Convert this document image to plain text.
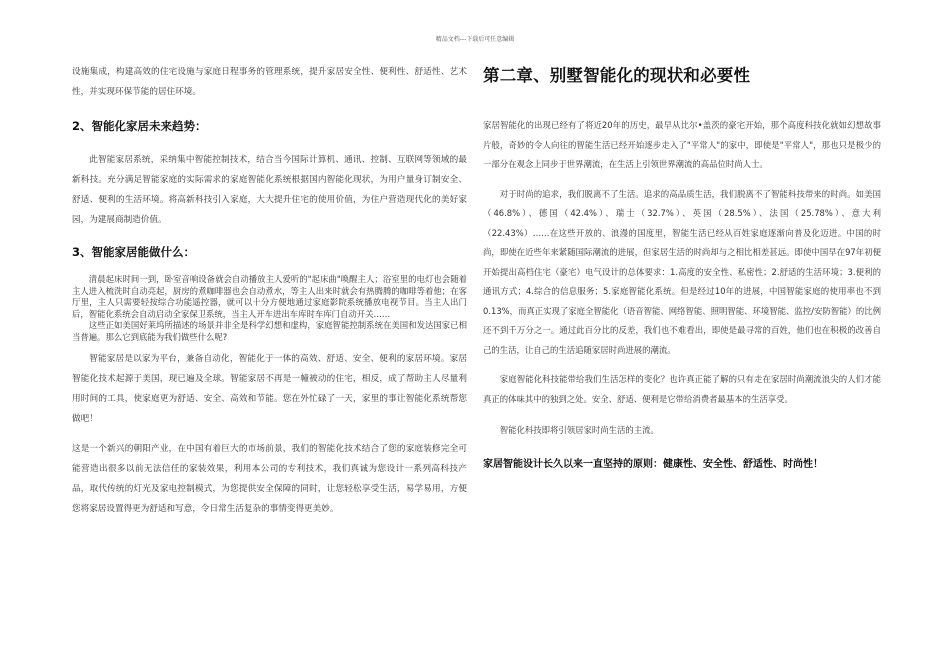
精品文档---下载后可任意编辑

设施集成，构建高效的住宅设施与家庭日程事务的管理系统，提升家居安全性、便利性、舒适性、艺术性，并实现环保节能的居住环境。

2、智能化家居未来趋势：

此智能家居系统，采纳集中智能控制技术，结合当今国际计算机、通讯、控制、互联网等领域的最新科技。充分满足智能家庭的实际需求的家庭智能化系统根据国内智能化现状，为用户量身订制安全、舒适、便利的生活环境。将高新科技引入家庭，大大提升住宅的使用价值，为住户营造现代化的美好家园，为建展商制造价值。

3、智能家居能做什么：

清晨起床时间一到，卧室音响设备就会自动播放主人爱听的"起床曲"唤醒主人；浴室里的电灯也会随着主人进入梳洗时自动亮起，厨房的煮咖啡器也会自动煮水，等主人出来时就会有热腾腾的咖啡等着他；在客厅里，主人只需要轻按综合功能遥控器，就可以十分方便地通过家庭影院系统播放电视节目。当主人出门后，智能化系统会自动启动全家保卫系统，当主人开车进出车库时车库门自动开关……

这些正如美国好莱坞所描述的场景并非全是科学幻想和虚构，家庭智能控制系统在美国和发达国家已相当普遍。那么它到底能为我们做些什么呢?

智能家居是以家为平台，兼备自动化，智能化于一体的高效、舒适、安全、便利的家居环境。家居智能化技术起源于美国，现已遍及全球。智能家居不再是一幢被动的住宅，相反，成了帮助主人尽量利用时间的工具，使家庭更为舒适、安全、高效和节能。您在外忙碌了一天，家里的事让智能化系统帮您做吧！

这是一个新兴的朝阳产业，在中国有着巨大的市场前景，我们的智能化技术结合了您的家庭装修完全可能营造出很多以前无法信任的家装效果，利用本公司的专利技术，我们真诚为您设计一系列高科技产品，取代传统的灯光及家电控制模式，为您提供安全保障的同时，让您轻松享受生活，易学易用，方便您将家居设置得更为舒适和写意，令日常生活复杂的事情变得更美妙。

第二章、别墅智能化的现状和必要性

家居智能化的出现已经有了将近20年的历史，最早从比尔•盖茨的豪宅开始，那个高度科技化就如幻想故事片般，奇妙的令人向往的智能生活已经开始逐步走入了"平常人"的家中，即使是"平常人"，那也只是极少的一部分在观念上同步于世界潮流，在生活上引领世界潮流的高品位时尚人士。

对于时尚的追求，我们脱离不了生活。追求的高品质生活，我们脱离不了智能科技带来的时尚。如美国（46.8%）、德国（42.4%）、瑞士（32.7%）、英国（28.5%）、法国（25.78%）、意大利（22.43%）……在这些开放的、浪漫的国度里，智能生活已经从百姓家庭逐渐向普及化迈进。中国的时尚，即使在近些年来紧随国际潮流的进展，但家居生活的时尚却与之相比相差甚远。即使中国早在97年初便开始提出高档住宅（豪宅）电气设计的总体要求：1.高度的安全性、私密性；2.舒适的生活环境；3.便利的通讯方式；4.综合的信息服务；5.家庭智能化系统。但是经过10年的进展，中国智能家庭的使用率也不到0.13%，而真正实现了家庭全智能化（语音智能、网络智能、照明智能、环境智能、监控/安防智能）的比例还不到千万分之一。通过此百分比的反差，我们也不难看出，即使是最寻常的百姓，他们也在积极的改善自己的生活，让自己的生活追随家居时尚进展的潮流。

家庭智能化科技能带给我们生活怎样的变化？也许真正能了解的只有走在家居时尚潮流浪尖的人们才能真正的体味其中的独到之处。安全、舒适、便利是它带给消费者最基本的生活享受。

智能化科技即将引领居家时尚生活的主流。

家居智能设计长久以来一直坚持的原则：健康性、安全性、舒适性、时尚性！
